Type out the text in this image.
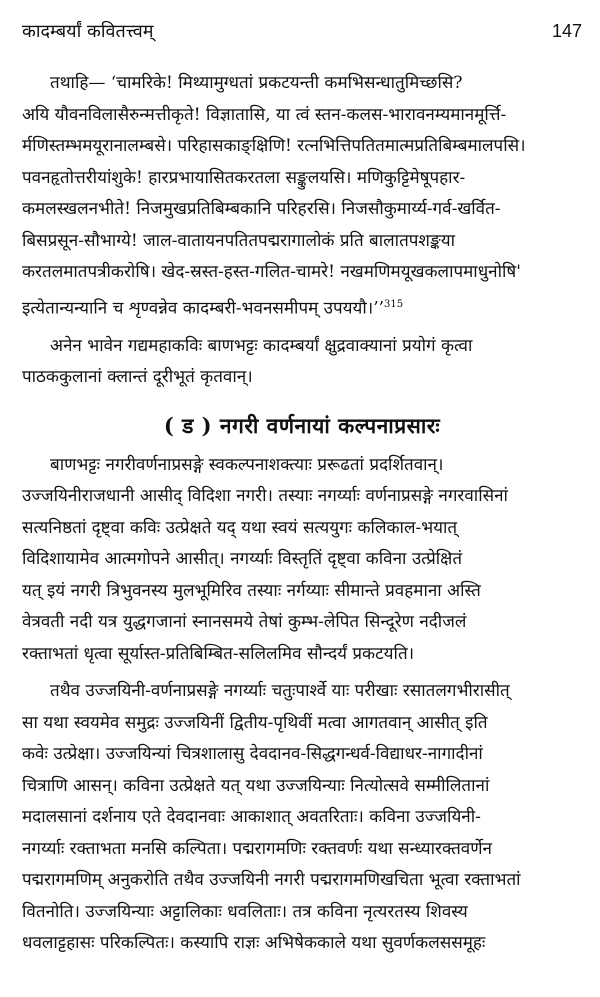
कादम्बर्यां कवितत्त्वम्	147
तथाहि— ‘चामरिके! मिथ्यामुग्धतां प्रकटयन्ती कमभिसन्धातुमिच्छसि?
अयि यौवनविलासैरुन्मत्तीकृते! विज्ञातासि, या त्वं स्तन-कलस-भारावनम्यमानमूर्त्ति-
र्मणिस्तम्भमयूरानालम्बसे। परिहासकाङ्क्षिणि! रत्नभित्तिपतितमात्मप्रतिबिम्बमालपसि।
पवनहृतोत्तरीयांशुके! हारप्रभायासितकरतला सङ्कुलयसि। मणिकुट्टिमेषूपहार-
कमलस्खलनभीते! निजमुखप्रतिबिम्बकानि परिहरसि। निजसौकुमार्य्य-गर्व-खर्वित-
बिसप्रसून-सौभाग्ये! जाल-वातायनपतितपद्मरागालोकं प्रति बालातपशङ्कया
करतलमातपत्रीकरोषि। खेद-स्रस्त-हस्त-गलित-चामरे! नखमणिमयूखकलापमाधुनोषि'
इत्येतान्यन्यानि च शृण्वन्नेव कादम्बरी-भवनसमीपम् उपययौ।’’$^{315}$
अनेन भावेन गद्यमहाकविः बाणभट्टः कादम्बर्यां क्षुद्रवाक्यानां प्रयोगं कृत्वा
पाठककुलानां क्लान्तं दूरीभूतं कृतवान्।
( ड ) नगरी वर्णनायां कल्पनाप्रसारः
बाणभट्टः नगरीवर्णनाप्रसङ्गे स्वकल्पनाशक्त्याः प्ररूढतां प्रदर्शितवान्।
उज्जयिनीराजधानी आसीद् विदिशा नगरी। तस्याः नगर्य्याः वर्णनाप्रसङ्गे नगरवासिनां
सत्यनिष्ठतां दृष्ट्वा कविः उत्प्रेक्षते यद् यथा स्वयं सत्ययुगः कलिकाल-भयात्
विदिशायामेव आत्मगोपने आसीत्। नगर्य्याः विस्तृतिं दृष्ट्वा कविना उत्प्रेक्षितं
यत् इयं नगरी त्रिभुवनस्य मुलभूमिरिव तस्याः नर्गय्याः सीमान्ते प्रवहमाना अस्ति
वेत्रवती नदी यत्र युद्धगजानां स्नानसमये तेषां कुम्भ-लेपित सिन्दूरेण नदीजलं
रक्ताभतां धृत्वा सूर्यास्त-प्रतिबिम्बित-सलिलमिव सौन्दर्यं प्रकटयति।
तथैव उज्जयिनी-वर्णनाप्रसङ्गे नगर्य्याः चतुःपार्श्वे याः परीखाः रसातलगभीरासीत्
सा यथा स्वयमेव समुद्रः उज्जयिनीं द्वितीय-पृथिवीं मत्वा आगतवान् आसीत् इति
कवेः उत्प्रेक्षा। उज्जयिन्यां चित्रशालासु देवदानव-सिद्धगन्धर्व-विद्याधर-नागादीनां
चित्राणि आसन्। कविना उत्प्रेक्षते यत् यथा उज्जयिन्याः नित्योत्सवे सम्मीलितानां
मदालसानां दर्शनाय एते देवदानवाः आकाशात् अवतरिताः। कविना उज्जयिनी-
नगर्य्याः रक्ताभता मनसि कल्पिता। पद्मरागमणिः रक्तवर्णः यथा सन्ध्यारक्तवर्णेन
पद्मरागमणिम् अनुकरोति तथैव उज्जयिनी नगरी पद्मरागमणिखचिता भूत्वा रक्ताभतां
वितनोति। उज्जयिन्याः अट्टालिकाः धवलिताः। तत्र कविना नृत्यरतस्य शिवस्य
धवलाट्टहासः परिकल्पितः। कस्यापि राज्ञः अभिषेककाले यथा सुवर्णकलससमूहः
